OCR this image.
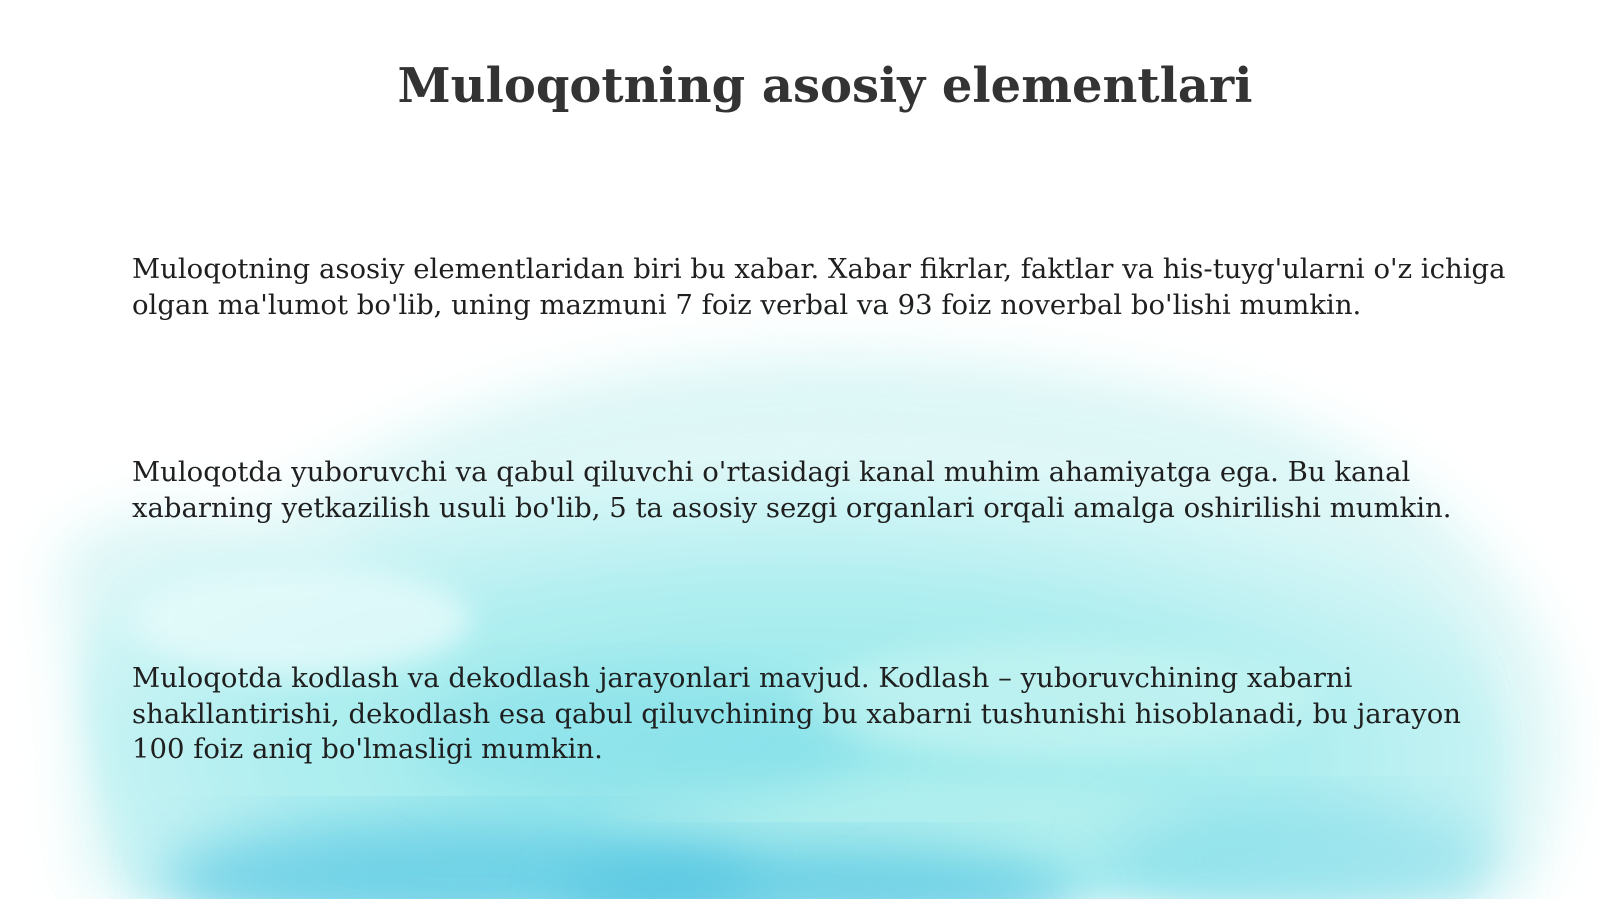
Muloqotning asosiy elementlari

Muloqotning asosiy elementlaridan biri bu xabar. Xabar fikrlar, faktlar va his-tuyg'ularni o'z ichiga olgan ma'lumot bo'lib, uning mazmuni 7 foiz verbal va 93 foiz noverbal bo'lishi mumkin.

Muloqotda yuboruvchi va qabul qiluvchi o'rtasidagi kanal muhim ahamiyatga ega. Bu kanal xabarning yetkazilish usuli bo'lib, 5 ta asosiy sezgi organlari orqali amalga oshirilishi mumkin.

Muloqotda kodlash va dekodlash jarayonlari mavjud. Kodlash – yuboruvchining xabarni shakllantirishi, dekodlash esa qabul qiluvchining bu xabarni tushunishi hisoblanadi, bu jarayon 100 foiz aniq bo'lmasligi mumkin.
